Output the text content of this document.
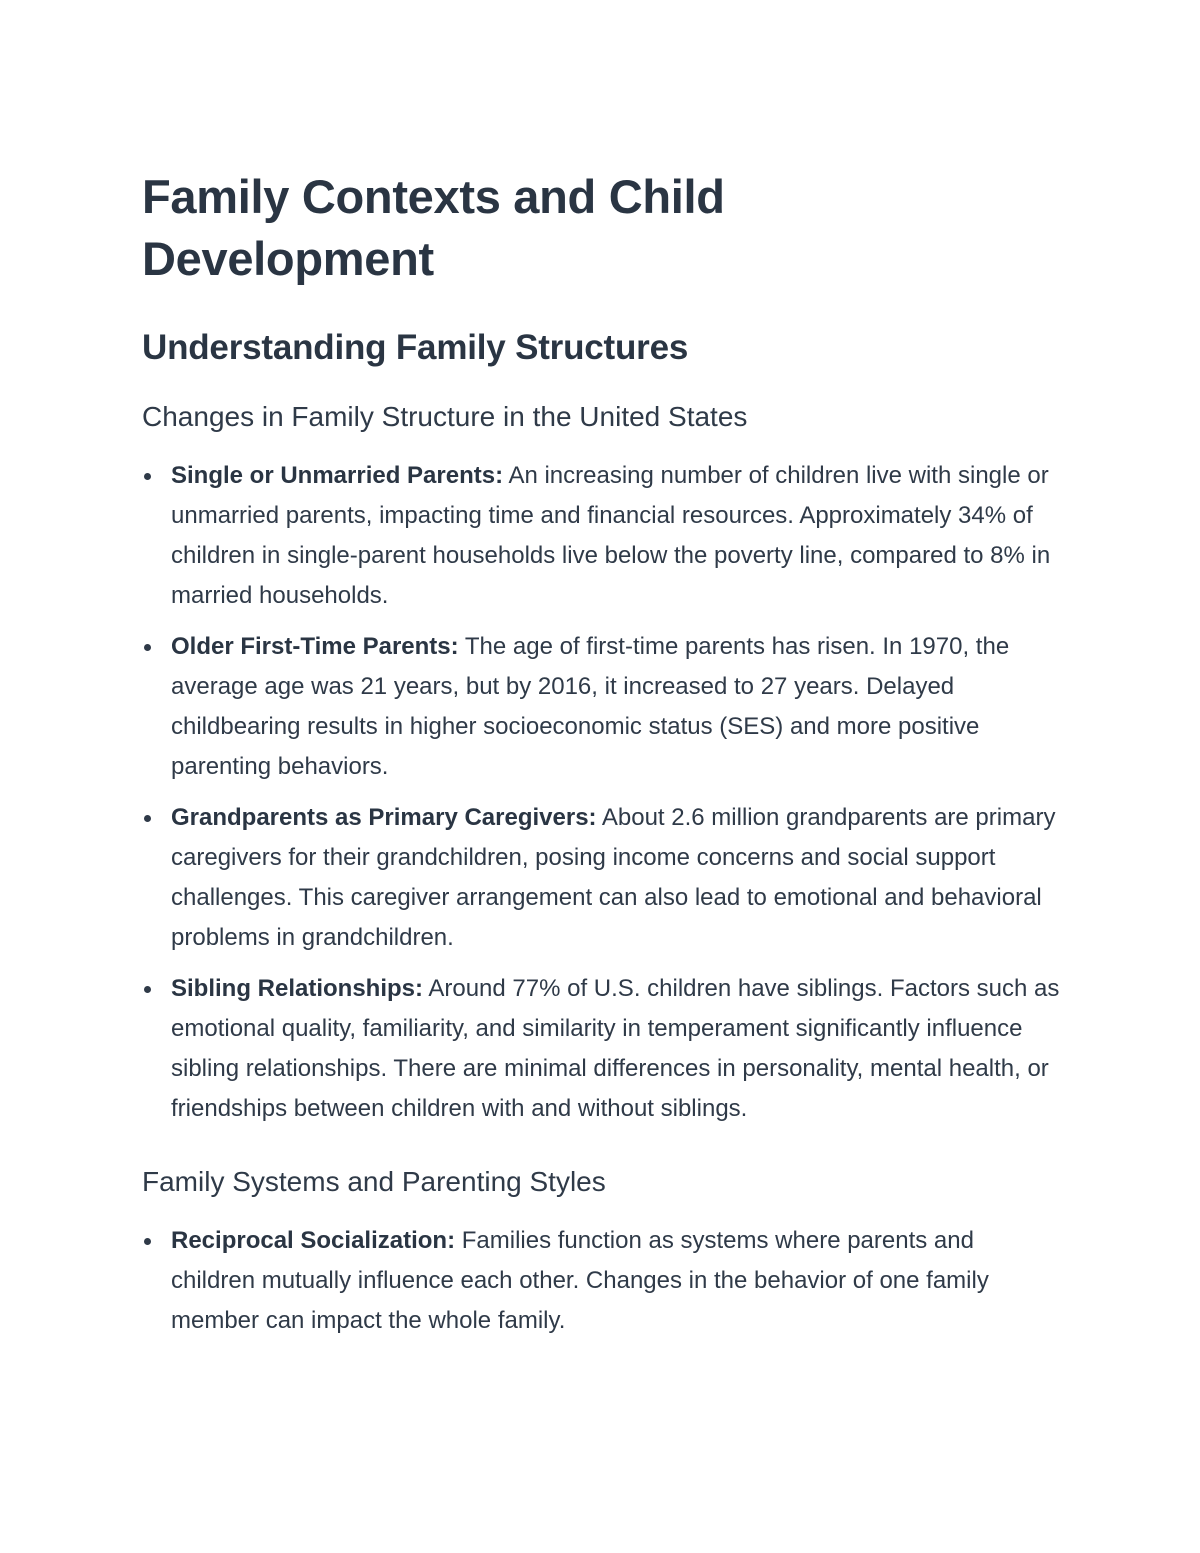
Family Contexts and Child Development
Understanding Family Structures
Changes in Family Structure in the United States
Single or Unmarried Parents: An increasing number of children live with single or unmarried parents, impacting time and financial resources. Approximately 34% of children in single-parent households live below the poverty line, compared to 8% in married households.
Older First-Time Parents: The age of first-time parents has risen. In 1970, the average age was 21 years, but by 2016, it increased to 27 years. Delayed childbearing results in higher socioeconomic status (SES) and more positive parenting behaviors.
Grandparents as Primary Caregivers: About 2.6 million grandparents are primary caregivers for their grandchildren, posing income concerns and social support challenges. This caregiver arrangement can also lead to emotional and behavioral problems in grandchildren.
Sibling Relationships: Around 77% of U.S. children have siblings. Factors such as emotional quality, familiarity, and similarity in temperament significantly influence sibling relationships. There are minimal differences in personality, mental health, or friendships between children with and without siblings.
Family Systems and Parenting Styles
Reciprocal Socialization: Families function as systems where parents and children mutually influence each other. Changes in the behavior of one family member can impact the whole family.
